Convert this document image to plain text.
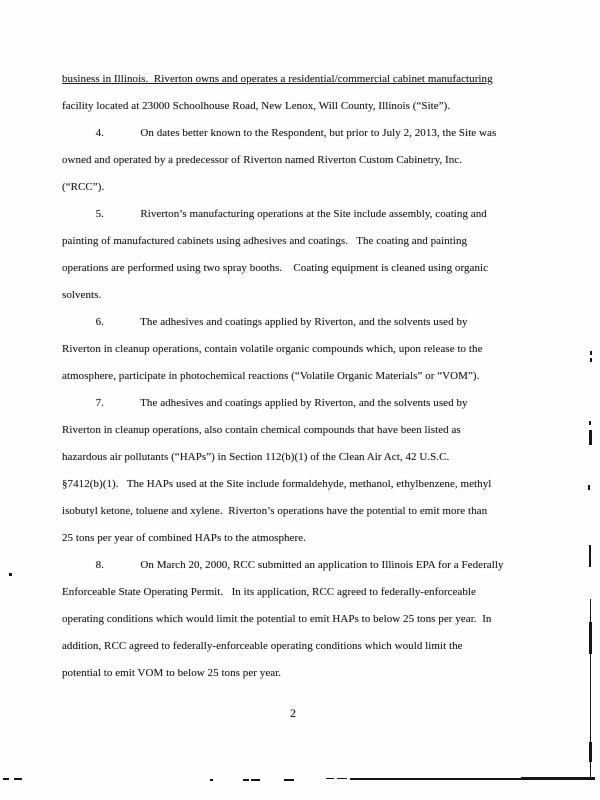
business in Illinois.  Riverton owns and operates a residential/commercial cabinet manufacturing
facility located at 23000 Schoolhouse Road, New Lenox, Will County, Illinois (“Site”).
4.             On dates better known to the Respondent, but prior to July 2, 2013, the Site was
owned and operated by a predecessor of Riverton named Riverton Custom Cabinetry, Inc.
(“RCC”).
5.             Riverton’s manufacturing operations at the Site include assembly, coating and
painting of manufactured cabinets using adhesives and coatings.   The coating and painting
operations are performed using two spray booths.    Coating equipment is cleaned using organic
solvents.
6.             The adhesives and coatings applied by Riverton, and the solvents used by
Riverton in cleanup operations, contain volatile organic compounds which, upon release to the
atmosphere, participate in photochemical reactions (“Volatile Organic Materials” or “VOM”).
7.             The adhesives and coatings applied by Riverton, and the solvents used by
Riverton in cleanup operations, also contain chemical compounds that have been listed as
hazardous air pollutants (“HAPs”) in Section 112(b)(1) of the Clean Air Act, 42 U.S.C.
§7412(b)(1).   The HAPs used at the Site include formaldehyde, methanol, ethylbenzene, methyl
isobutyl ketone, toluene and xylene.  Riverton’s operations have the potential to emit more than
25 tons per year of combined HAPs to the atmosphere.
8.             On March 20, 2000, RCC submitted an application to Illinois EPA for a Federally
Enforceable State Operating Permit.   In its application, RCC agreed to federally-enforceable
operating conditions which would limit the potential to emit HAPs to below 25 tons per year.  In
addition, RCC agreed to federally-enforceable operating conditions which would limit the
potential to emit VOM to below 25 tons per year.
2
